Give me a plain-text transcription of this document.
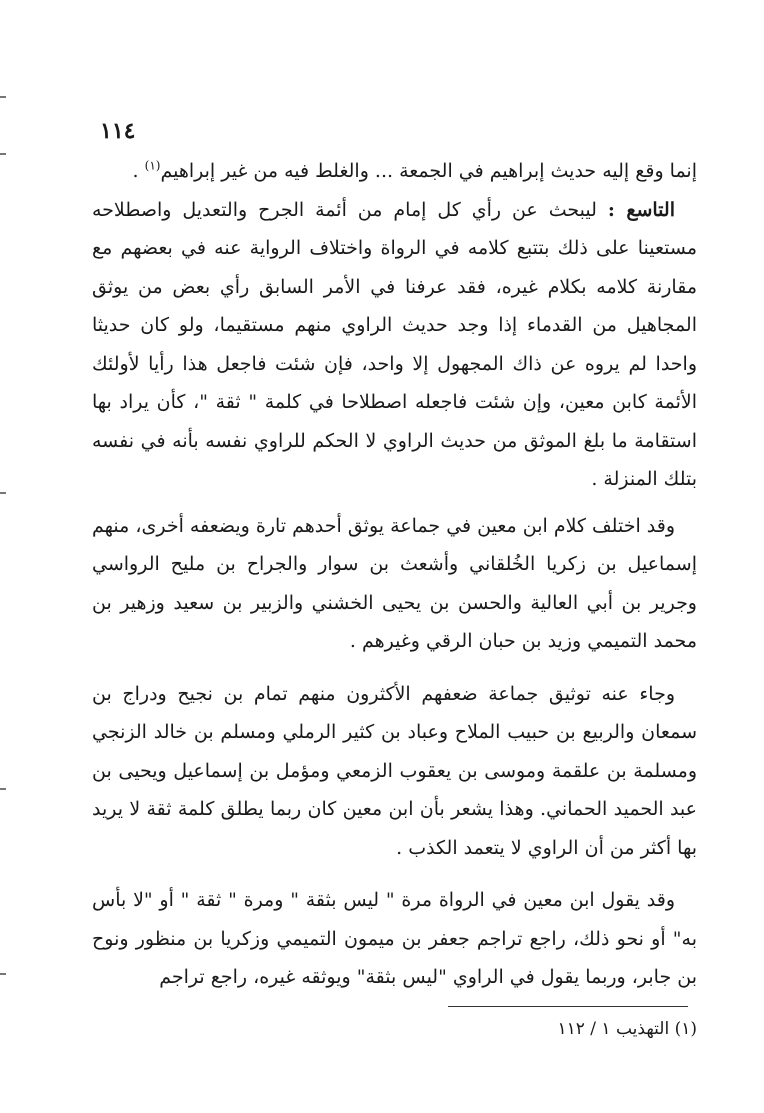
١١٤

إنما وقع إليه حديث إبراهيم في الجمعة ... والغلط فيه من غير إبراهيم$^{(١)}$ .

التاسع : ليبحث عن رأي كل إمام من أئمة الجرح والتعديل واصطلاحه مستعينا على ذلك بتتبع كلامه في الرواة واختلاف الرواية عنه في بعضهم مع مقارنة كلامه بكلام غيره، فقد عرفنا في الأمر السابق رأي بعض من يوثق المجاهيل من القدماء إذا وجد حديث الراوي منهم مستقيما، ولو كان حديثا واحدا لم يروه عن ذاك المجهول إلا واحد، فإن شئت فاجعل هذا رأيا لأولئك الأئمة كابن معين، وإن شئت فاجعله اصطلاحا في كلمة " ثقة "، كأن يراد بها استقامة ما بلغ الموثق من حديث الراوي لا الحكم للراوي نفسه بأنه في نفسه بتلك المنزلة .

وقد اختلف كلام ابن معين في جماعة يوثق أحدهم تارة ويضعفه أخرى، منهم إسماعيل بن زكريا الخُلقاني وأشعث بن سوار والجراح بن مليح الرواسي وجرير بن أبي العالية والحسن بن يحيى الخشني والزبير بن سعيد وزهير بن محمد التميمي وزيد بن حبان الرقي وغيرهم .

وجاء عنه توثيق جماعة ضعفهم الأكثرون منهم تمام بن نجيح ودراج بن سمعان والربيع بن حبيب الملاح وعباد بن كثير الرملي ومسلم بن خالد الزنجي ومسلمة بن علقمة وموسى بن يعقوب الزمعي ومؤمل بن إسماعيل ويحيى بن عبد الحميد الحماني. وهذا يشعر بأن ابن معين كان ربما يطلق كلمة ثقة لا يريد بها أكثر من أن الراوي لا يتعمد الكذب .

وقد يقول ابن معين في الرواة مرة " ليس بثقة " ومرة " ثقة " أو "لا بأس به" أو نحو ذلك، راجع تراجم جعفر بن ميمون التميمي وزكريا بن منظور ونوح بن جابر، وربما يقول في الراوي "ليس بثقة" ويوثقه غيره، راجع تراجم

(١) التهذيب ١ / ١١٢
